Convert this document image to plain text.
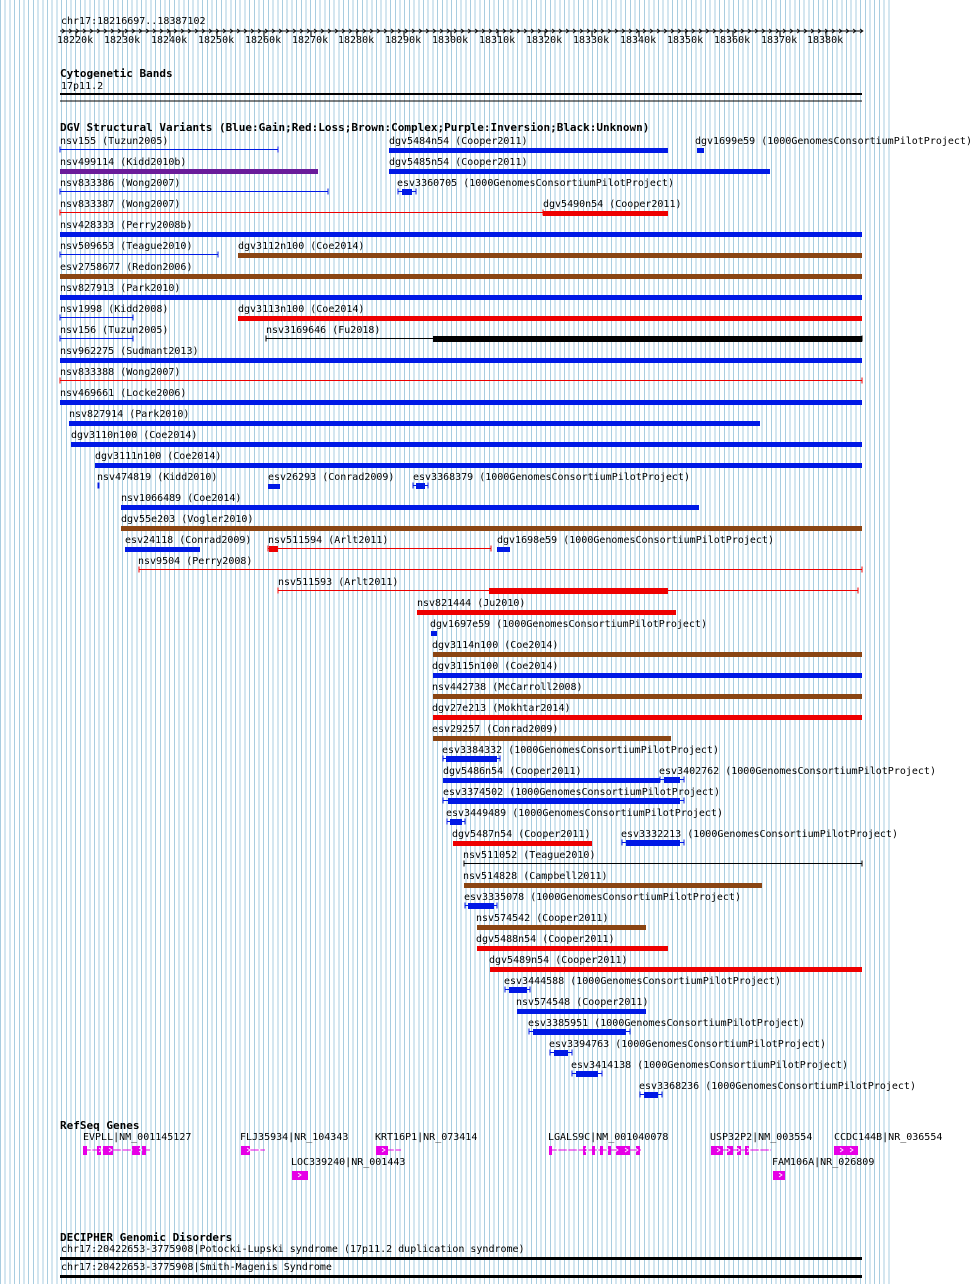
chr17:18216697..18387102
18220k 18230k 18240k 18250k 18260k 18270k 18280k 18290k 18300k 18310k 18320k 18330k 18340k 18350k 18360k 18370k 18380k
Cytogenetic Bands
17p11.2
DGV Structural Variants (Blue:Gain;Red:Loss;Brown:Complex;Purple:Inversion;Black:Unknown)
nsv155 (Tuzun2005)	dgv5484n54 (Cooper2011)	dgv1699e59 (1000GenomesConsortiumPilotProject)
nsv499114 (Kidd2010b)	dgv5485n54 (Cooper2011)
nsv833386 (Wong2007)	esv3360705 (1000GenomesConsortiumPilotProject)
nsv833387 (Wong2007)	dgv5490n54 (Cooper2011)
nsv428333 (Perry2008b)
nsv509653 (Teague2010)	dgv3112n100 (Coe2014)
esv2758677 (Redon2006)
nsv827913 (Park2010)
nsv1998 (Kidd2008)	dgv3113n100 (Coe2014)
nsv156 (Tuzun2005)	nsv3169646 (Fu2018)
nsv962275 (Sudmant2013)
nsv833388 (Wong2007)
nsv469661 (Locke2006)
nsv827914 (Park2010)
dgv3110n100 (Coe2014)
dgv3111n100 (Coe2014)
nsv474819 (Kidd2010)	esv26293 (Conrad2009) esv3368379 (1000GenomesConsortiumPilotProject)
nsv1066489 (Coe2014)
dgv55e203 (Vogler2010)
esv24118 (Conrad2009) nsv511594 (Arlt2011)	dgv1698e59 (1000GenomesConsortiumPilotProject)
nsv9504 (Perry2008)
nsv511593 (Arlt2011)
nsv821444 (Ju2010)
dgv1697e59 (1000GenomesConsortiumPilotProject)
dgv3114n100 (Coe2014)
dgv3115n100 (Coe2014)
nsv442738 (McCarroll2008)
dgv27e213 (Mokhtar2014)
esv29257 (Conrad2009)
esv3384332 (1000GenomesConsortiumPilotProject)
dgv5486n54 (Cooper2011)	esv3402762 (1000GenomesConsortiumPilotProject)
esv3374502 (1000GenomesConsortiumPilotProject)
esv3449489 (1000GenomesConsortiumPilotProject)
dgv5487n54 (Cooper2011)	esv3332213 (1000GenomesConsortiumPilotProject)
nsv511052 (Teague2010)
nsv514828 (Campbell2011)
esv3335078 (1000GenomesConsortiumPilotProject)
nsv574542 (Cooper2011)
dgv5488n54 (Cooper2011)
dgv5489n54 (Cooper2011)
esv3444588 (1000GenomesConsortiumPilotProject)
nsv574548 (Cooper2011)
esv3385951 (1000GenomesConsortiumPilotProject)
esv3394763 (1000GenomesConsortiumPilotProject)
esv3414138 (1000GenomesConsortiumPilotProject)
esv3368236 (1000GenomesConsortiumPilotProject)
RefSeq Genes
EVPLL|NM_001145127	FLJ35934|NR_104343	KRT16P1|NR_073414	LGALS9C|NM_001040078	USP32P2|NM_003554 CCDC144B|NR_036554
LOC339240|NR_001443	FAM106A|NR_026809
DECIPHER Genomic Disorders
chr17:20422653-3775908|Potocki-Lupski syndrome (17p11.2 duplication syndrome)
chr17:20422653-3775908|Smith-Magenis Syndrome
